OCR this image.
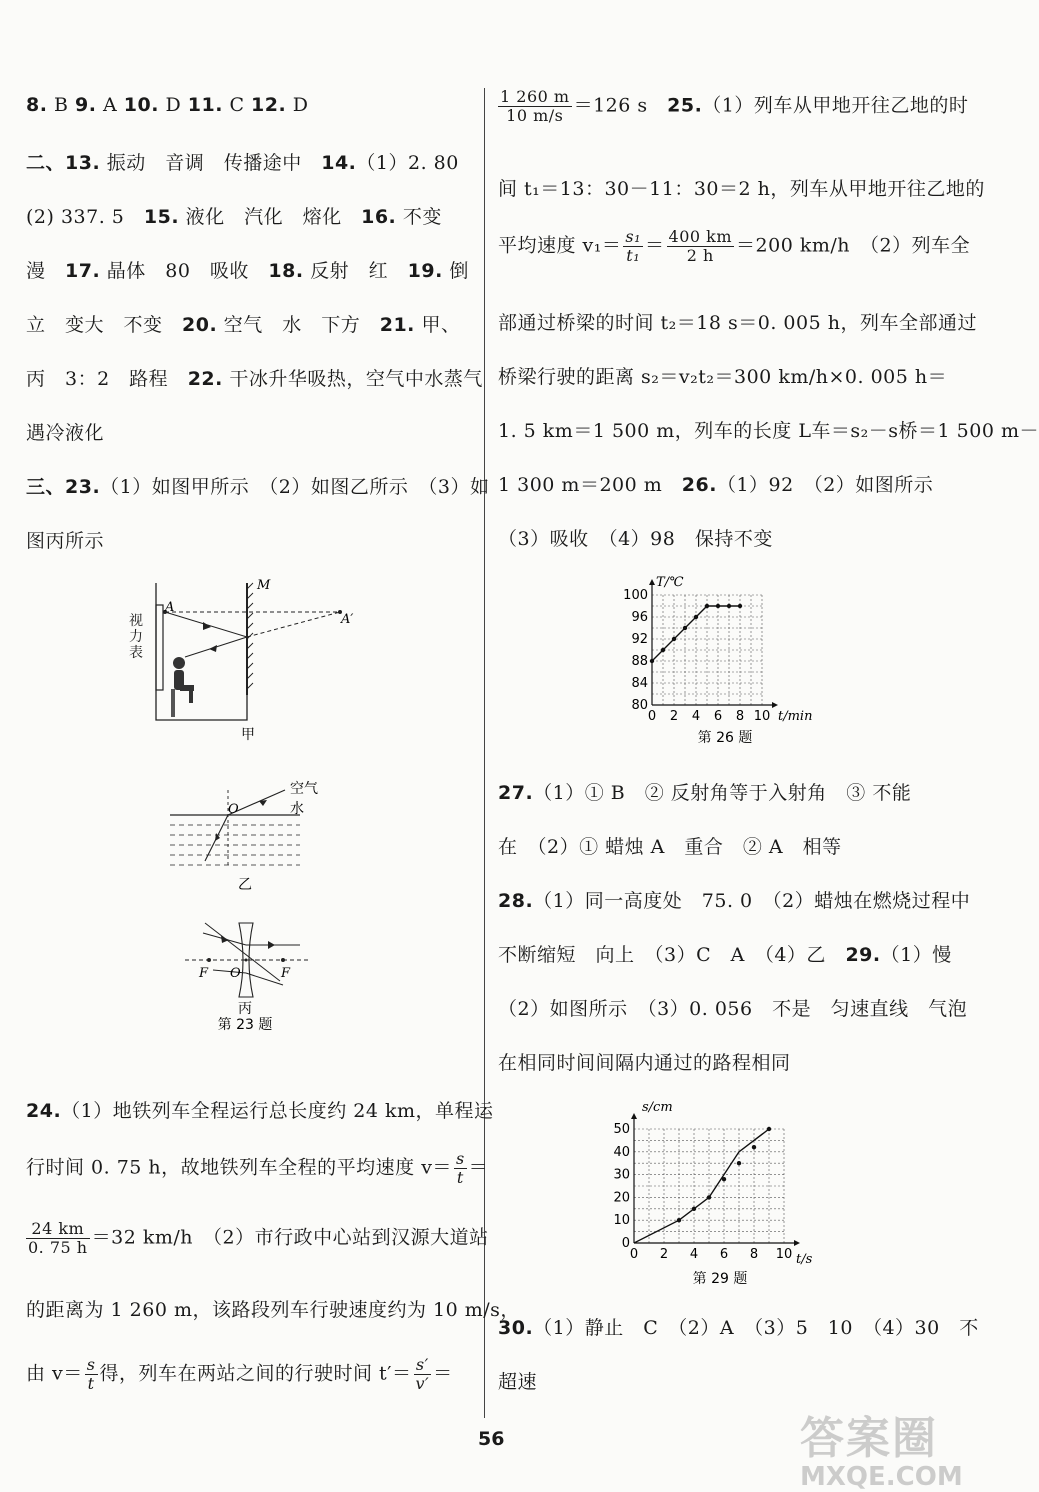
8. B 9. A 10. D 11. C 12. D
二、13. 振动　音调　传播途中　14.（1）2. 80
(2) 337. 5　15. 液化　汽化　熔化　16. 不变
漫　17. 晶体　80　吸收　18. 反射　红　19. 倒
立　变大　不变　20. 空气　水　下方　21. 甲、
丙　3：2　路程　22. 干冰升华吸热，空气中水蒸气
遇冷液化
三、23.（1）如图甲所示　（2）如图乙所示　（3）如
图丙所示
A
A′
M
甲
视力表
O
空气
水
乙
F O	F
丙
第 23 题
24.（1）地铁列车全程运行总长度约 24 km，单程运
行时间 0. 75 h，故地铁列车全程的平均速度 $v= \frac{s}{t}$ ＝
$\frac{24 km}{0. 75 h} =32$ km/h　（2）市行政中心站到汉源大道站
的距离为 1 260 m，该路段列车行驶速度约为 10 m/s，
由 $v= \frac{s}{t}$ 得，列车在两站之间的行驶时间 $t'= \frac{s'}{v'}$ ＝
$\frac{1 260 m}{10 m/s} =126$ s　25.（1）列车从甲地开往乙地的时
间 t₁＝13：30－11：30＝2 h，列车从甲地开往乙地的
平均速度 $v_1= \frac{\text{s₁}}{\text{t₁}} = \frac{400 km}{2 h} =200$ km/h　（2）列车全
部通过桥梁的时间 t₂＝18 s＝0. 005 h，列车全部通过
桥梁行驶的距离 s₂＝v₂t₂＝300 km/h×0. 005 h＝
1. 5 km＝1 500 m，列车的长度 L车＝s₂－s桥＝1 500 m－
1 300 m＝200 m　26.（1）92　（2）如图所示
（3）吸收　（4）98　保持不变
0 2 4 6 8 10
80
84
88
92
96
100
t/min
T/℃
第 26 题
27.（1）① B　② 反射角等于入射角　③ 不能
在　（2）① 蜡烛 A　重合　② A　相等
28.（1）同一高度处　75. 0　（2）蜡烛在燃烧过程中
不断缩短　向上　（3）C　A　（4）乙　29.（1）慢
（2）如图所示　（3）0. 056　不是　匀速直线　气泡
在相同时间间隔内通过的路程相同
0 2 4 6 8 10
0
10
20
30
40
50
t/s
s/cm
第 29 题
30.（1）静止　C　（2）A　（3）5　10　（4）30　不
超速
56	答案圈
MXQE.COM
